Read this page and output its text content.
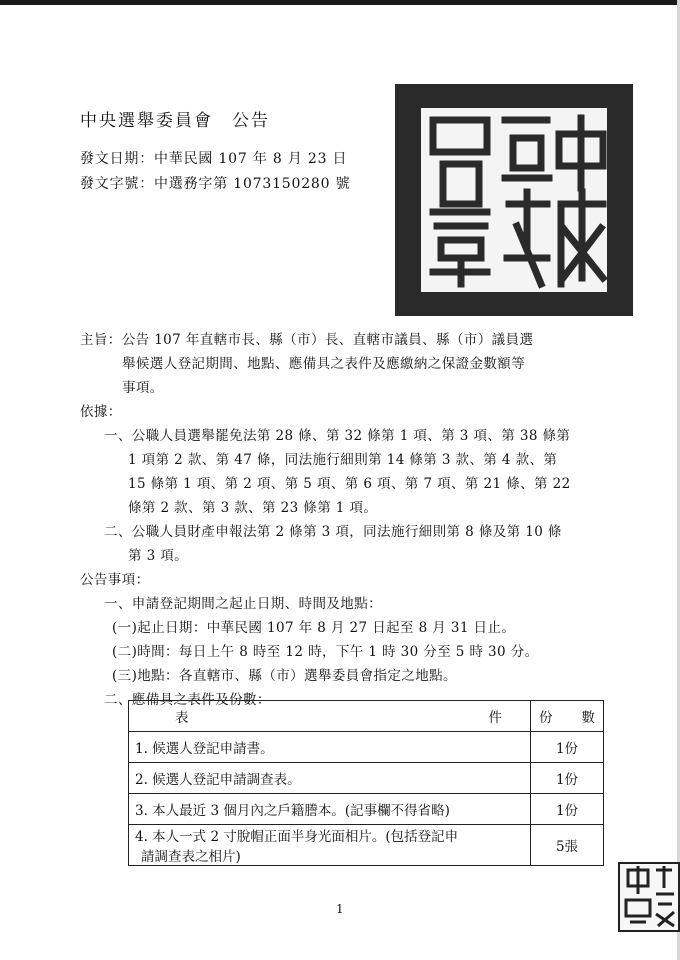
中央選舉委員會　公告
發文日期：中華民國 107 年 8 月 23 日
發文字號：中選務字第 1073150280 號
主旨：公告 107 年直轄市長、縣（市）長、直轄市議員、縣（市）議員選
舉候選人登記期間、地點、應備具之表件及應繳納之保證金數額等
事項。
依據：
一、公職人員選舉罷免法第 28 條、第 32 條第 1 項、第 3 項、第 38 條第
1 項第 2 款、第 47 條，同法施行細則第 14 條第 3 款、第 4 款、第
15 條第 1 項、第 2 項、第 5 項、第 6 項、第 7 項、第 21 條、第 22
條第 2 款、第 3 款、第 23 條第 1 項。
二、公職人員財產申報法第 2 條第 3 項，同法施行細則第 8 條及第 10 條
第 3 項。
公告事項：
一、申請登記期間之起止日期、時間及地點：
(一)起止日期：中華民國 107 年 8 月 27 日起至 8 月 31 日止。
(二)時間：每日上午 8 時至 12 時，下午 1 時 30 分至 5 時 30 分。
(三)地點：各直轄市、縣（市）選舉委員會指定之地點。
二、應備具之表件及份數：
表 件	份 數

1. 候選人登記申請書。	1份
2. 候選人登記申請調查表。	1份
3. 本人最近 3 個月內之戶籍謄本。(記事欄不得省略)	1份

4. 本人一式 2 寸脫帽正面半身光面相片。(包括登記申
請調查表之相片)	5張
1
